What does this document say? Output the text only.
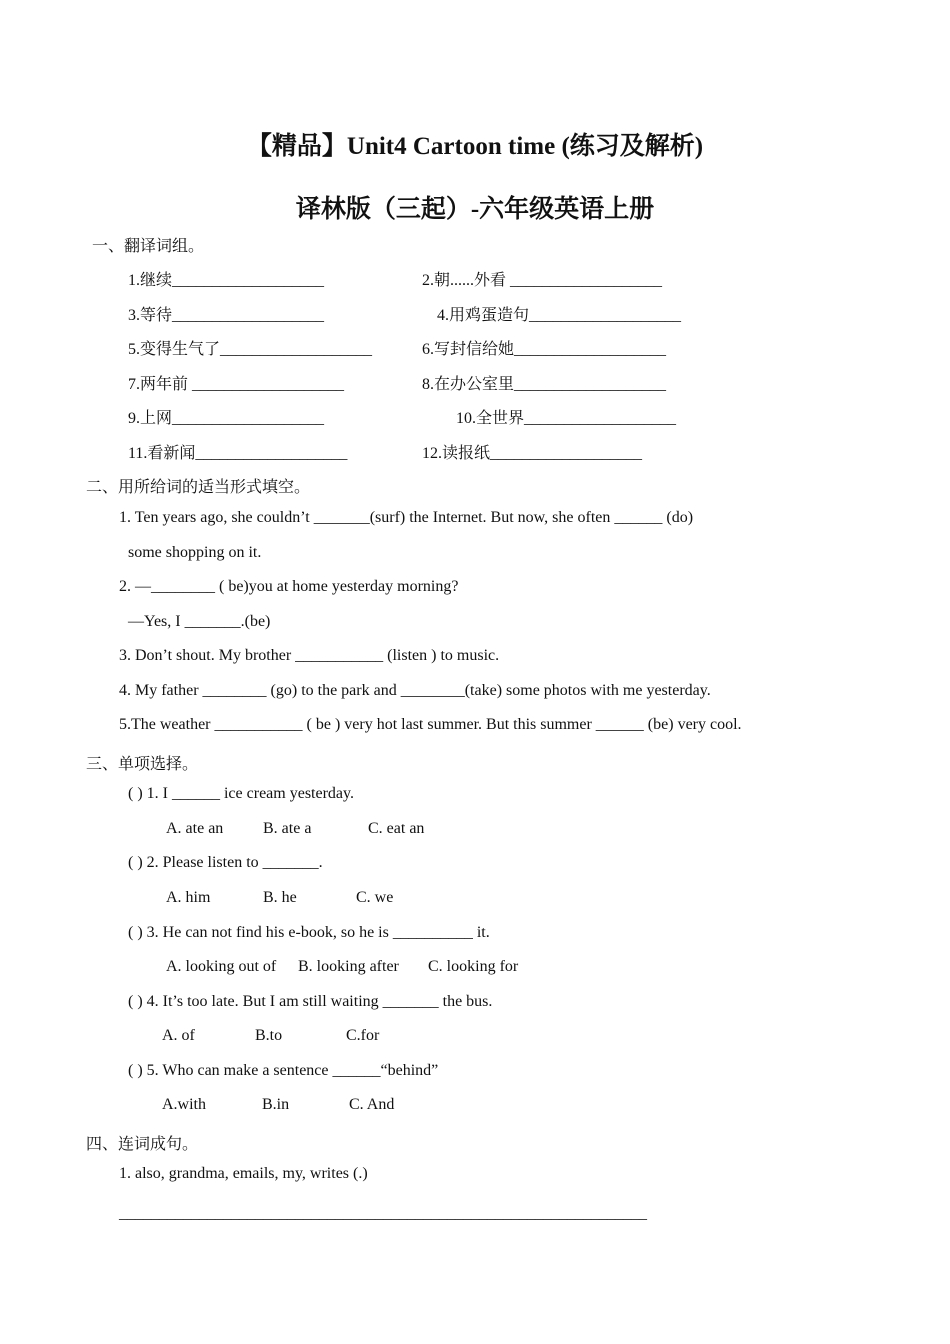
【精品】Unit4 Cartoon time (练习及解析)
译林版（三起）-六年级英语上册
一、翻译词组。
1.继续___________________	2.朝......外看 ___________________
3.等待___________________	4.用鸡蛋造句___________________
5.变得生气了___________________	6.写封信给她___________________
7.两年前 ___________________	8.在办公室里___________________
9.上网___________________	10.全世界___________________
11.看新闻___________________	12.读报纸___________________
二、用所给词的适当形式填空。
1. Ten years ago, she couldn’t _______(surf) the Internet. But now, she often ______ (do)
some shopping on it.
2. —________ ( be)you at home yesterday morning?
—Yes, I _______.(be)
3. Don’t shout. My brother ___________ (listen ) to music.
4. My father ________ (go) to the park and ________(take) some photos with me yesterday.
5.The weather ___________ ( be ) very hot last summer. But this summer ______ (be) very cool.
三、单项选择。
( ) 1. I ______ ice cream yesterday.
A. ate an B. ate a	C. eat an
( ) 2. Please listen to _______.
A. him	B. he	C. we
( ) 3. He can not find his e-book, so he is __________ it.
A. looking out of B. looking after C. looking for
( ) 4. It’s too late. But I am still waiting _______ the bus.
A. of	B.to	C.for
( ) 5. Who can make a sentence ______“behind”
A.with	B.in	C. And
四、连词成句。
1. also, grandma, emails, my, writes (.)
__________________________________________________________________
